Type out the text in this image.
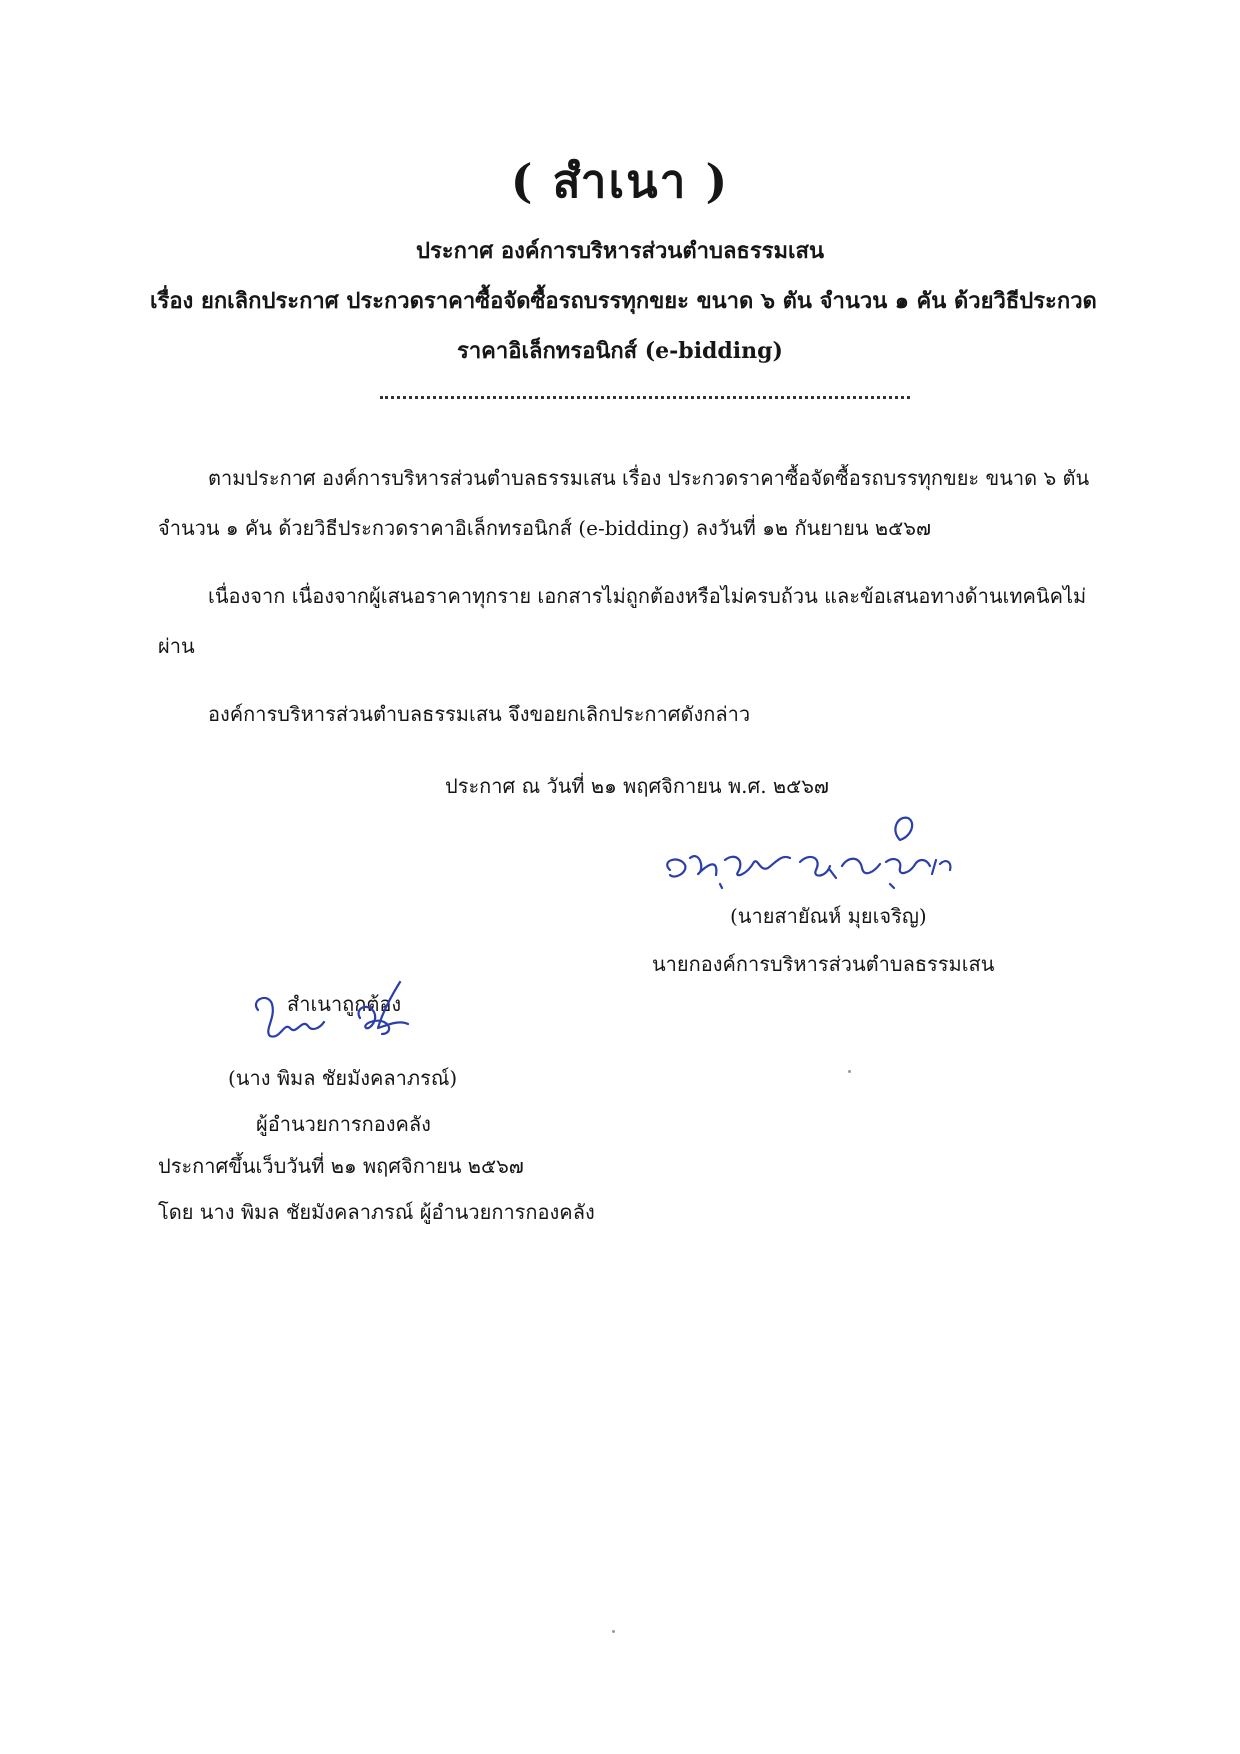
( สำเนา )
ประกาศ องค์การบริหารส่วนตำบลธรรมเสน
เรื่อง ยกเลิกประกาศ ประกวดราคาซื้อจัดซื้อรถบรรทุกขยะ ขนาด ๖ ตัน จำนวน ๑ คัน ด้วยวิธีประกวด
ราคาอิเล็กทรอนิกส์ (e-bidding)
ตามประกาศ องค์การบริหารส่วนตำบลธรรมเสน เรื่อง ประกวดราคาซื้อจัดซื้อรถบรรทุกขยะ ขนาด ๖ ตัน
จำนวน ๑ คัน ด้วยวิธีประกวดราคาอิเล็กทรอนิกส์ (e-bidding) ลงวันที่ ๑๒ กันยายน ๒๕๖๗
เนื่องจาก เนื่องจากผู้เสนอราคาทุกราย เอกสารไม่ถูกต้องหรือไม่ครบถ้วน และข้อเสนอทางด้านเทคนิคไม่
ผ่าน
องค์การบริหารส่วนตำบลธรรมเสน จึงขอยกเลิกประกาศดังกล่าว
ประกาศ ณ วันที่ ๒๑ พฤศจิกายน พ.ศ. ๒๕๖๗
(นายสายัณห์ มุยเจริญ)
นายกองค์การบริหารส่วนตำบลธรรมเสน
สำเนาถูกต้อง
(นาง พิมล ชัยมังคลาภรณ์)
ผู้อำนวยการกองคลัง
ประกาศขึ้นเว็บวันที่ ๒๑ พฤศจิกายน ๒๕๖๗
โดย นาง พิมล ชัยมังคลาภรณ์ ผู้อำนวยการกองคลัง
